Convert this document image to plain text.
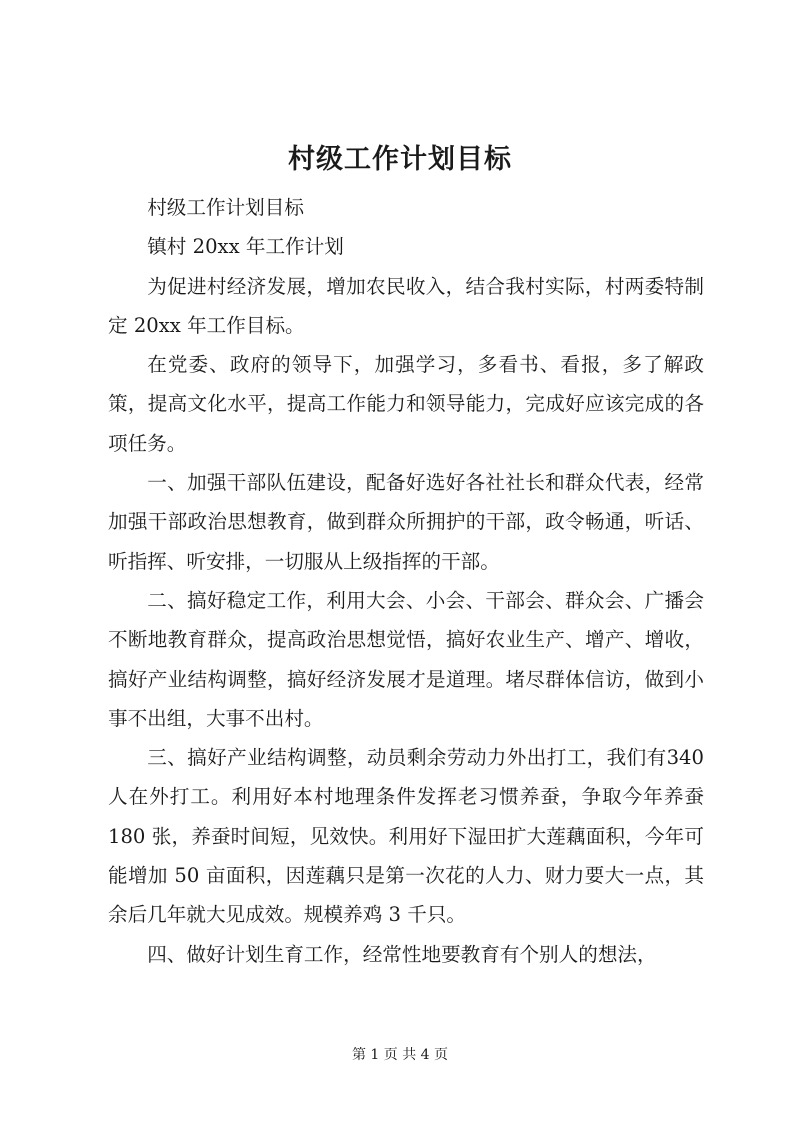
村级工作计划目标

村级工作计划目标

镇村 20xx 年工作计划

为促进村经济发展，增加农民收入，结合我村实际，村两委特制定 20xx 年工作目标。

在党委、政府的领导下，加强学习，多看书、看报，多了解政策，提高文化水平，提高工作能力和领导能力，完成好应该完成的各项任务。

一、加强干部队伍建设，配备好选好各社社长和群众代表，经常加强干部政治思想教育，做到群众所拥护的干部，政令畅通，听话、听指挥、听安排，一切服从上级指挥的干部。

二、搞好稳定工作，利用大会、小会、干部会、群众会、广播会不断地教育群众，提高政治思想觉悟，搞好农业生产、增产、增收，搞好产业结构调整，搞好经济发展才是道理。堵尽群体信访，做到小事不出组，大事不出村。

三、搞好产业结构调整，动员剩余劳动力外出打工，我们有340 人在外打工。利用好本村地理条件发挥老习惯养蚕，争取今年养蚕 180 张，养蚕时间短，见效快。利用好下湿田扩大莲藕面积，今年可能增加 50 亩面积，因莲藕只是第一次花的人力、财力要大一点，其余后几年就大见成效。规模养鸡 3 千只。

四、做好计划生育工作，经常性地要教育有个别人的想法，

第 1 页 共 4 页
